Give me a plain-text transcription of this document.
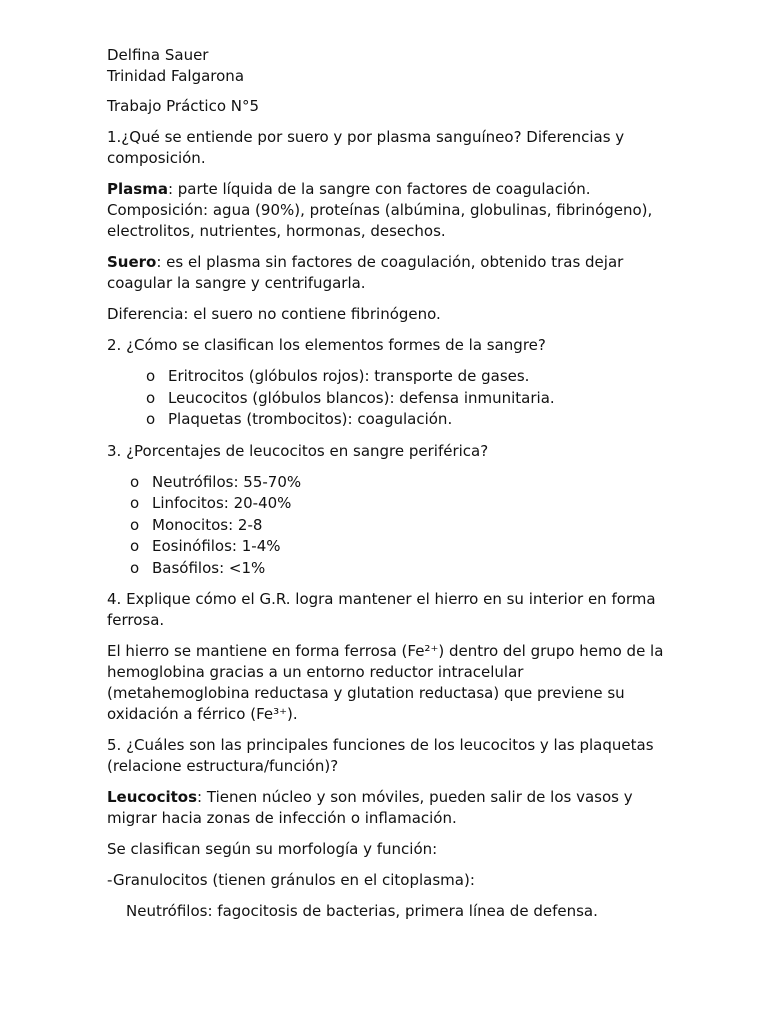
Delfina Sauer

Trinidad Falgarona

Trabajo Práctico N°5

1.¿Qué se entiende por suero y por plasma sanguíneo? Diferencias y composición.

Plasma: parte líquida de la sangre con factores de coagulación. Composición: agua (90%), proteínas (albúmina, globulinas, fibrinógeno), electrolitos, nutrientes, hormonas, desechos.

Suero: es el plasma sin factores de coagulación, obtenido tras dejar coagular la sangre y centrifugarla.

Diferencia: el suero no contiene fibrinógeno.

2. ¿Cómo se clasifican los elementos formes de la sangre?

o Eritrocitos (glóbulos rojos): transporte de gases.
o Leucocitos (glóbulos blancos): defensa inmunitaria.
o Plaquetas (trombocitos): coagulación.

3. ¿Porcentajes de leucocitos en sangre periférica?

o Neutrófilos: 55-70%
o Linfocitos: 20-40%
o Monocitos: 2-8
o Eosinófilos: 1-4%
o Basófilos: <1%

4. Explique cómo el G.R. logra mantener el hierro en su interior en forma ferrosa.

El hierro se mantiene en forma ferrosa (Fe²⁺) dentro del grupo hemo de la hemoglobina gracias a un entorno reductor intracelular (metahemoglobina reductasa y glutation reductasa) que previene su oxidación a férrico (Fe³⁺).

5. ¿Cuáles son las principales funciones de los leucocitos y las plaquetas (relacione estructura/función)?

Leucocitos: Tienen núcleo y son móviles, pueden salir de los vasos y migrar hacia zonas de infección o inflamación.

Se clasifican según su morfología y función:

-Granulocitos (tienen gránulos en el citoplasma):

Neutrófilos: fagocitosis de bacterias, primera línea de defensa.
